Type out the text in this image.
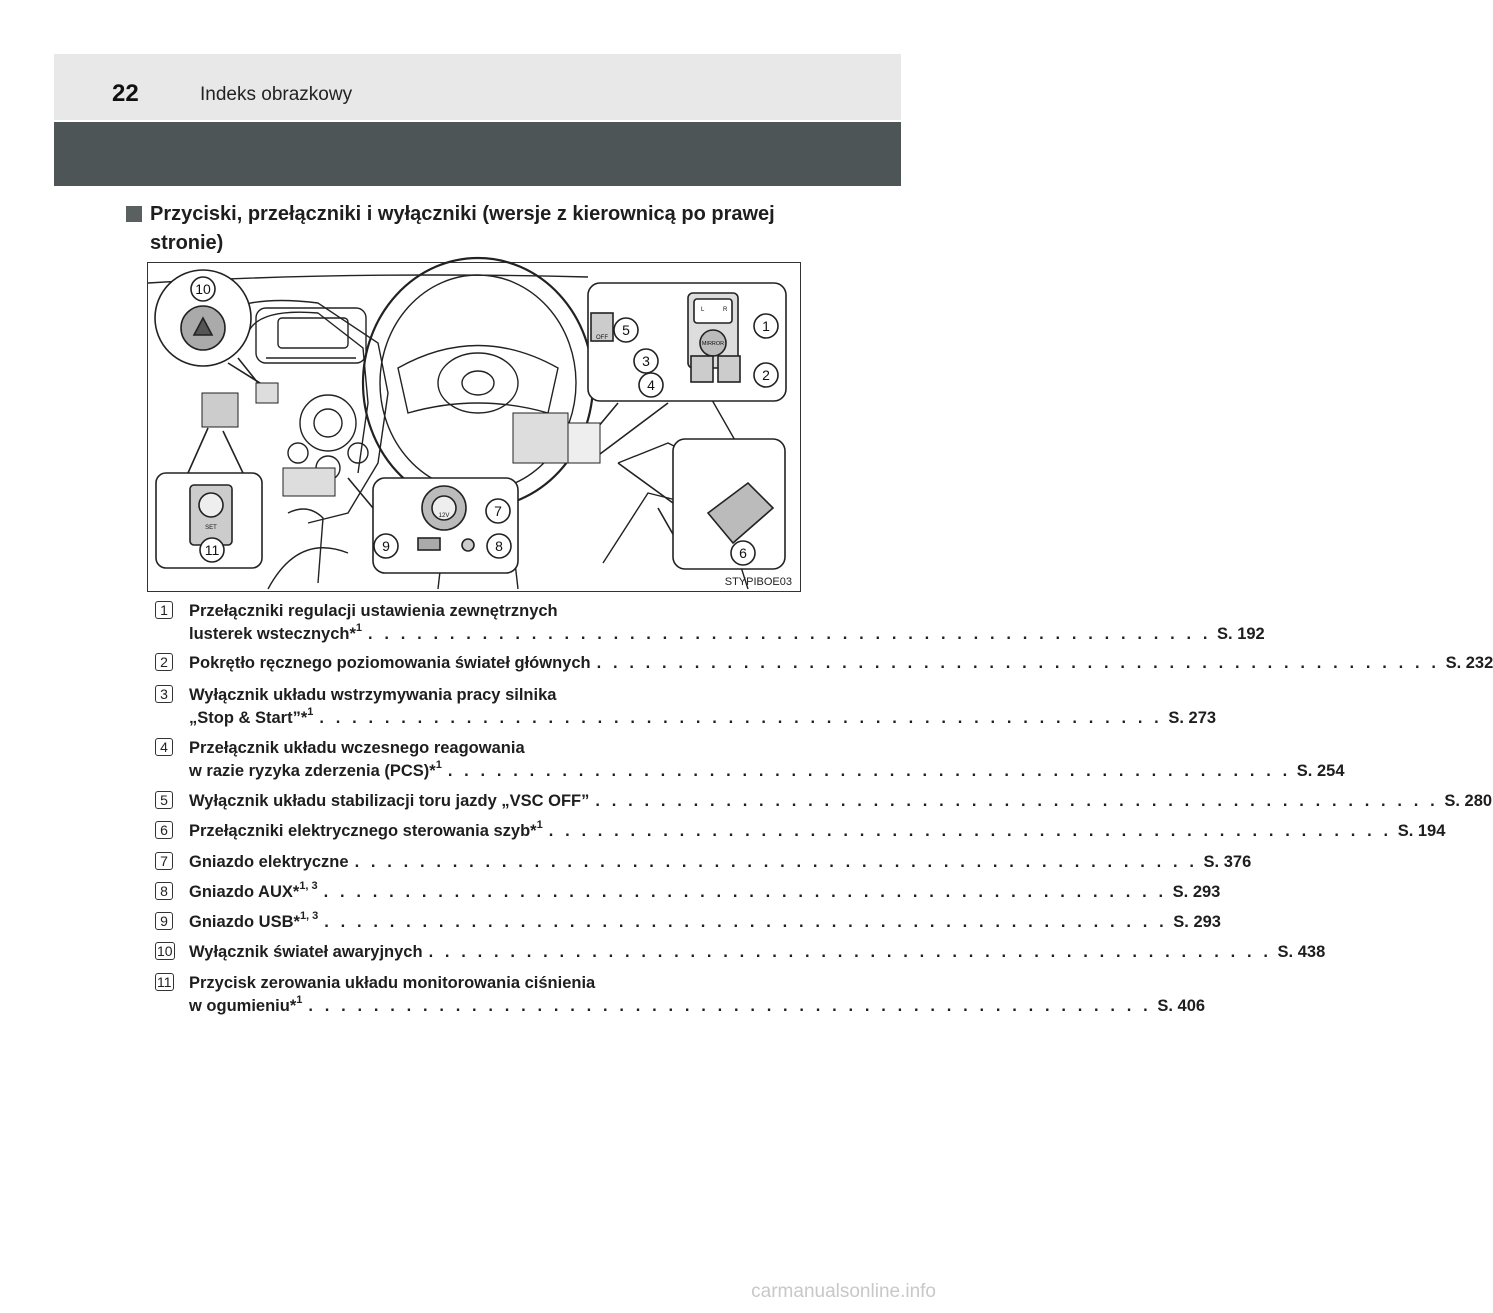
22	Indeks obrazkowy
Przyciski, przełączniki i wyłączniki (wersje z kierownicą po prawej stronie)
10
OFF
L	R
MIRROR
5	1
3
2
4
6
12V	7
8
9
SET
11
STYPIBOE03
1	Przełączniki regulacji ustawienia zewnętrznych
lusterek wstecznych*$^1$ . . . . . . . . . . . . . . . . . . . . . . . . . . . . . . . . . . . . . . . . . . . . . . . . . . . . S. 192
2	Pokrętło ręcznego poziomowania świateł głównych . . . . . . . . . . . . . . . . . . . . . . . . . . . . . . . . . . . . . . . . . . . . . . . . . . . . S. 232
3	Wyłącznik układu wstrzymywania pracy silnika
„Stop & Start”*$^1$ . . . . . . . . . . . . . . . . . . . . . . . . . . . . . . . . . . . . . . . . . . . . . . . . . . . . S. 273
4	Przełącznik układu wczesnego reagowania
w razie ryzyka zderzenia (PCS)*$^1$ . . . . . . . . . . . . . . . . . . . . . . . . . . . . . . . . . . . . . . . . . . . . . . . . . . . . S. 254
5	Wyłącznik układu stabilizacji toru jazdy „VSC OFF” . . . . . . . . . . . . . . . . . . . . . . . . . . . . . . . . . . . . . . . . . . . . . . . . . . . . S. 280
6	Przełączniki elektrycznego sterowania szyb*$^1$ . . . . . . . . . . . . . . . . . . . . . . . . . . . . . . . . . . . . . . . . . . . . . . . . . . . . S. 194
7	Gniazdo elektryczne . . . . . . . . . . . . . . . . . . . . . . . . . . . . . . . . . . . . . . . . . . . . . . . . . . . . S. 376
8	Gniazdo AUX*$^{1, 3}$ . . . . . . . . . . . . . . . . . . . . . . . . . . . . . . . . . . . . . . . . . . . . . . . . . . . . S. 293
9	Gniazdo USB*$^{1, 3}$ . . . . . . . . . . . . . . . . . . . . . . . . . . . . . . . . . . . . . . . . . . . . . . . . . . . . S. 293
10 Wyłącznik świateł awaryjnych . . . . . . . . . . . . . . . . . . . . . . . . . . . . . . . . . . . . . . . . . . . . . . . . . . . . S. 438
11 Przycisk zerowania układu monitorowania ciśnienia
w ogumieniu*$^1$ . . . . . . . . . . . . . . . . . . . . . . . . . . . . . . . . . . . . . . . . . . . . . . . . . . . . S. 406
carmanualsonline.info
